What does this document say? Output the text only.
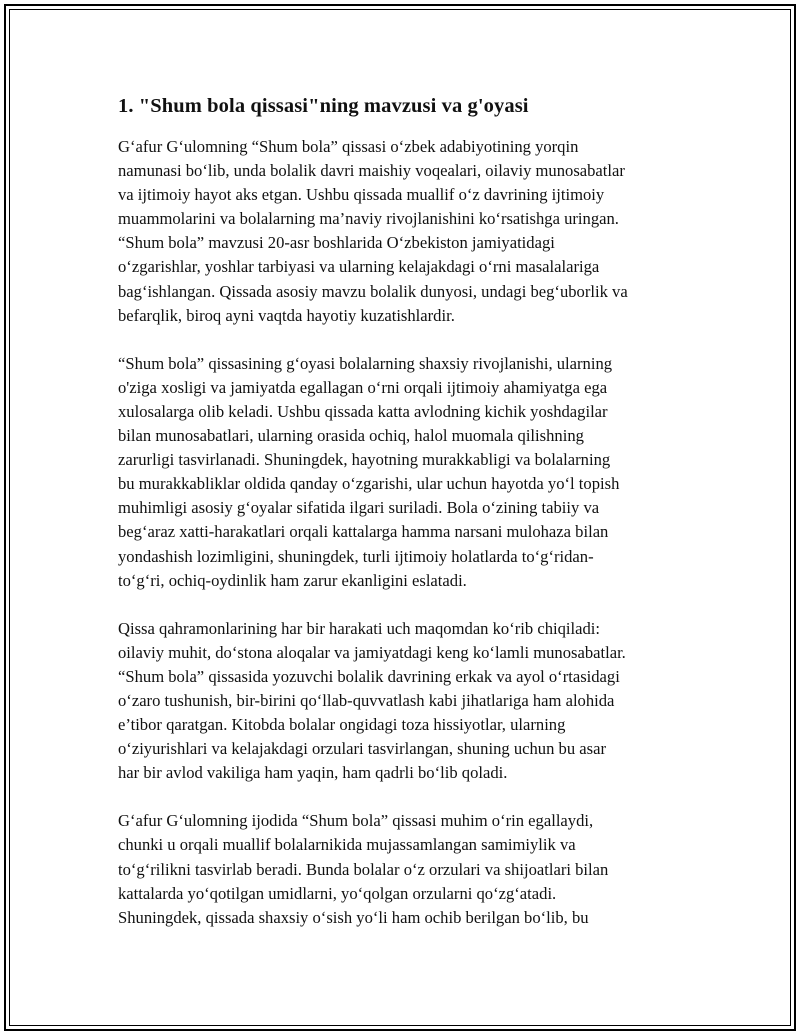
1. "Shum bola qissasi"ning mavzusi va g'oyasi

G‘afur G‘ulomning “Shum bola” qissasi o‘zbek adabiyotining yorqin
namunasi bo‘lib, unda bolalik davri maishiy voqealari, oilaviy munosabatlar
va ijtimoiy hayot aks etgan. Ushbu qissada muallif o‘z davrining ijtimoiy
muammolarini va bolalarning ma’naviy rivojlanishini ko‘rsatishga uringan.
“Shum bola” mavzusi 20-asr boshlarida O‘zbekiston jamiyatidagi
o‘zgarishlar, yoshlar tarbiyasi va ularning kelajakdagi o‘rni masalalariga
bag‘ishlangan. Qissada asosiy mavzu bolalik dunyosi, undagi beg‘uborlik va
befarqlik, biroq ayni vaqtda hayotiy kuzatishlardir.

“Shum bola” qissasining g‘oyasi bolalarning shaxsiy rivojlanishi, ularning
o'ziga xosligi va jamiyatda egallagan o‘rni orqali ijtimoiy ahamiyatga ega
xulosalarga olib keladi. Ushbu qissada katta avlodning kichik yoshdagilar
bilan munosabatlari, ularning orasida ochiq, halol muomala qilishning
zarurligi tasvirlanadi. Shuningdek, hayotning murakkabligi va bolalarning
bu murakkabliklar oldida qanday o‘zgarishi, ular uchun hayotda yo‘l topish
muhimligi asosiy g‘oyalar sifatida ilgari suriladi. Bola o‘zining tabiiy va
beg‘araz xatti-harakatlari orqali kattalarga hamma narsani mulohaza bilan
yondashish lozimligini, shuningdek, turli ijtimoiy holatlarda to‘g‘ridan-
to‘g‘ri, ochiq-oydinlik ham zarur ekanligini eslatadi.

Qissa qahramonlarining har bir harakati uch maqomdan ko‘rib chiqiladi:
oilaviy muhit, do‘stona aloqalar va jamiyatdagi keng ko‘lamli munosabatlar.
“Shum bola” qissasida yozuvchi bolalik davrining erkak va ayol o‘rtasidagi
o‘zaro tushunish, bir-birini qo‘llab-quvvatlash kabi jihatlariga ham alohida
e’tibor qaratgan. Kitobda bolalar ongidagi toza hissiyotlar, ularning
o‘ziyurishlari va kelajakdagi orzulari tasvirlangan, shuning uchun bu asar
har bir avlod vakiliga ham yaqin, ham qadrli bo‘lib qoladi.

G‘afur G‘ulomning ijodida “Shum bola” qissasi muhim o‘rin egallaydi,
chunki u orqali muallif bolalarnikida mujassamlangan samimiylik va
to‘g‘rilikni tasvirlab beradi. Bunda bolalar o‘z orzulari va shijoatlari bilan
kattalarda yo‘qotilgan umidlarni, yo‘qolgan orzularni qo‘zg‘atadi.
Shuningdek, qissada shaxsiy o‘sish yo‘li ham ochib berilgan bo‘lib, bu
